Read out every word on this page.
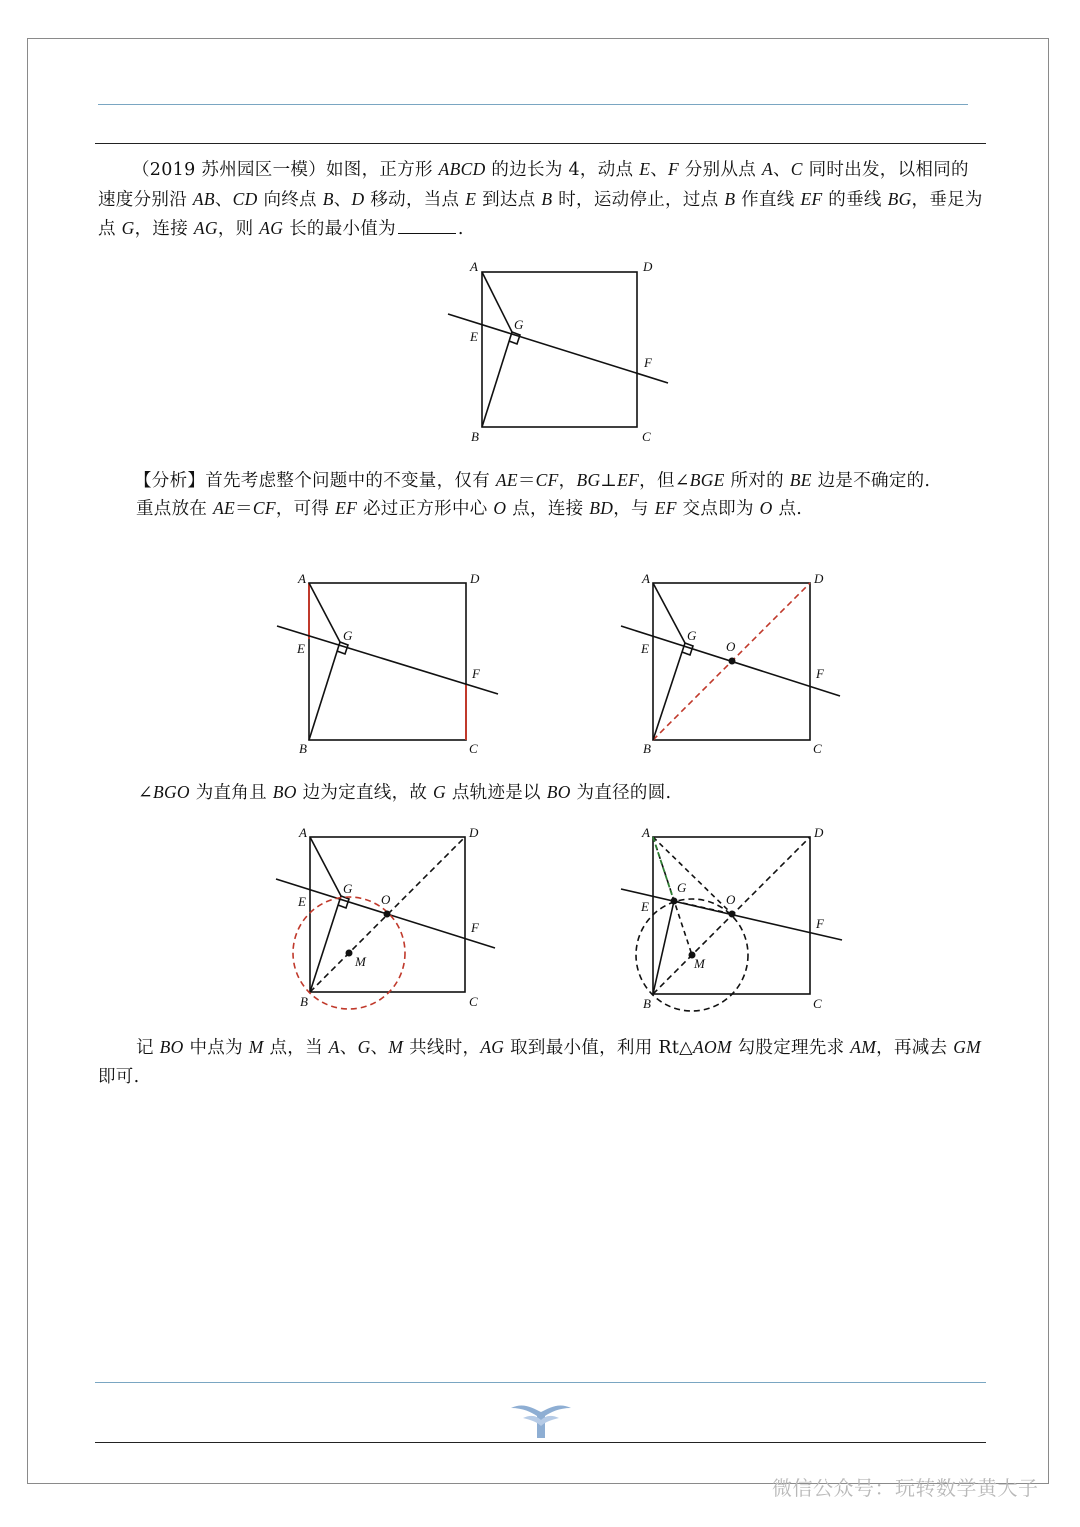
（2019 苏州园区一模）如图，正方形 ABCD 的边长为 4，动点 E、F 分别从点 A、C 同时出发，以相同的速度分别沿 AB、CD 向终点 B、D 移动，当点 E 到达点 B 时，运动停止，过点 B 作直线 EF 的垂线 BG，垂足为点 G，连接 AG，则 AG 长的最小值为	.

A	D
E
G
F
B	C

【分析】首先考虑整个问题中的不变量，仅有 AE＝CF，BG⊥EF，但∠BGE 所对的 BE 边是不确定的.

重点放在 AE＝CF，可得 EF 必过正方形中心 O 点，连接 BD，与 EF 交点即为 O 点.

A	D
E
G
F
B	C
A	D
E
G
O
F
B	C

∠BGO 为直角且 BO 边为定直线，故 G 点轨迹是以 BO 为直径的圆.

A	D
E
G
O
M
F
B	C
A	D
E
G
O
M
F
B	C

记 BO 中点为 M 点，当 A、G、M 共线时，AG 取到最小值，利用 Rt△AOM 勾股定理先求 AM，再减去 GM 即可.

微信公众号：玩转数学黄大子
